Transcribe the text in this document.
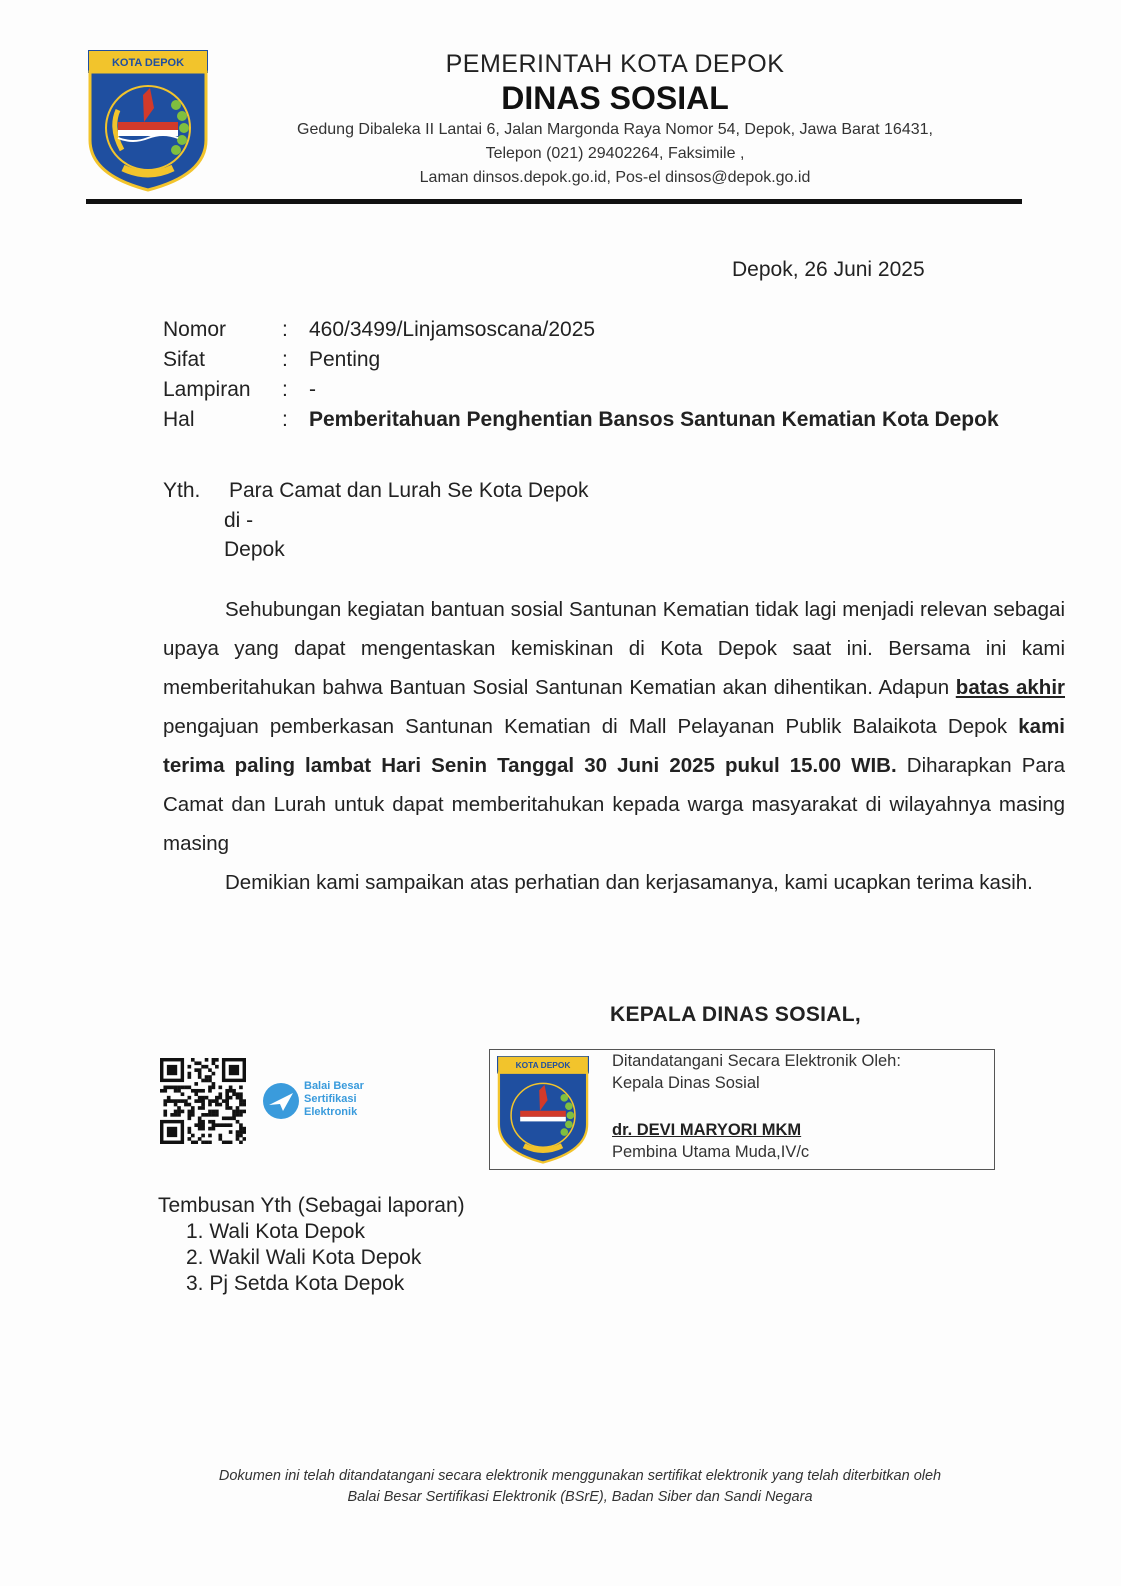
KOTA DEPOK	PEMERINTAH KOTA DEPOK
DINAS SOSIAL
Gedung Dibaleka II Lantai 6, Jalan Margonda Raya Nomor 54, Depok, Jawa Barat 16431,
Telepon (021) 29402264, Faksimile ,
Laman dinsos.depok.go.id, Pos-el dinsos@depok.go.id
Depok, 26 Juni 2025
Nomor	: 460/3499/Linjamsoscana/2025
Sifat	: Penting
Lampiran : -
Hal	: Pemberitahuan Penghentian Bansos Santunan Kematian Kota Depok
Yth. Para Camat dan Lurah Se Kota Depok
di -
Depok

Sehubungan kegiatan bantuan sosial Santunan Kematian tidak lagi menjadi relevan sebagai upaya yang dapat mengentaskan kemiskinan di Kota Depok saat ini. Bersama ini kami memberitahukan bahwa Bantuan Sosial Santunan Kematian akan dihentikan. Adapun batas akhir pengajuan pemberkasan Santunan Kematian di Mall Pelayanan Publik Balaikota Depok kami terima paling lambat Hari Senin Tanggal 30 Juni 2025 pukul 15.00 WIB. Diharapkan Para Camat dan Lurah untuk dapat memberitahukan kepada warga masyarakat di wilayahnya masing masing

Demikian kami sampaikan atas perhatian dan kerjasamanya, kami ucapkan terima kasih.

KEPALA DINAS SOSIAL,
Balai Besar
Sertifikasi
Elektronik
KOTA DEPOK	Ditandatangani Secara Elektronik Oleh:
Kepala Dinas Sosial
dr. DEVI MARYORI MKM
Pembina Utama Muda,IV/c
Tembusan Yth (Sebagai laporan)
1. Wali Kota Depok
2. Wakil Wali Kota Depok
3. Pj Setda Kota Depok
Dokumen ini telah ditandatangani secara elektronik menggunakan sertifikat elektronik yang telah diterbitkan oleh
Balai Besar Sertifikasi Elektronik (BSrE), Badan Siber dan Sandi Negara
